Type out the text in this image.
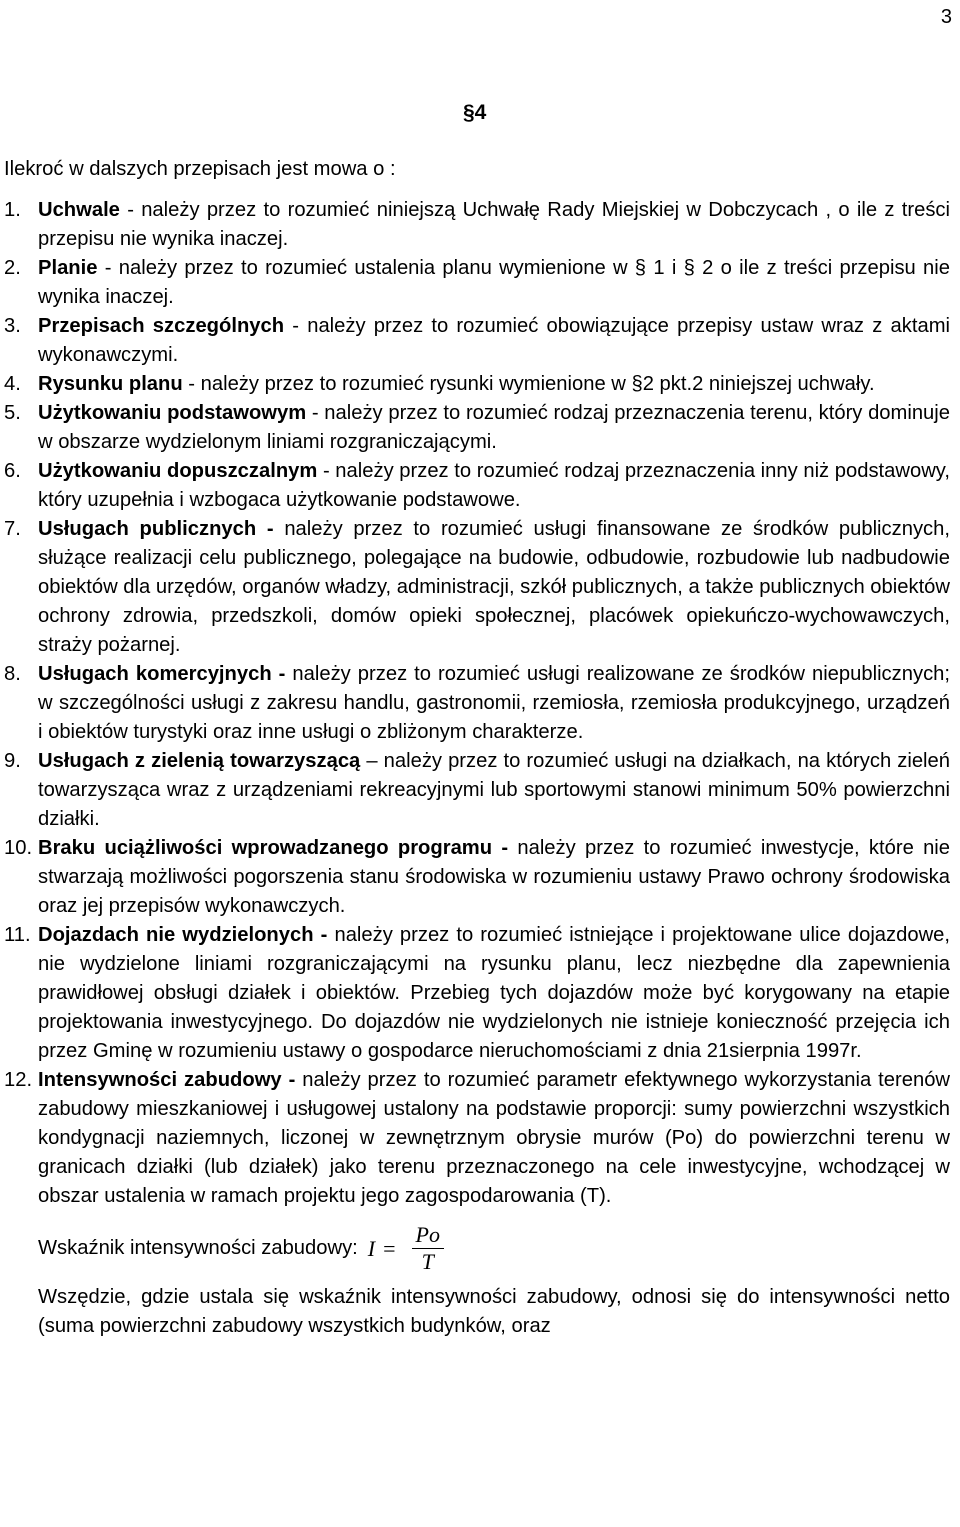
3
§4
Ilekroć w dalszych przepisach jest mowa o :
1. Uchwale - należy przez to rozumieć niniejszą Uchwałę Rady Miejskiej w Dobczycach , o ile z treści przepisu nie wynika inaczej.
2. Planie - należy przez to rozumieć ustalenia planu wymienione w § 1 i § 2 o ile z treści przepisu nie wynika inaczej.
3. Przepisach szczególnych - należy przez to rozumieć obowiązujące przepisy ustaw wraz z aktami wykonawczymi.
4. Rysunku planu - należy przez to rozumieć rysunki wymienione w §2 pkt.2 niniejszej uchwały.
5. Użytkowaniu podstawowym - należy przez to rozumieć rodzaj przeznaczenia terenu, który dominuje w obszarze wydzielonym liniami rozgraniczającymi.
6. Użytkowaniu dopuszczalnym - należy przez to rozumieć rodzaj przeznaczenia inny niż podstawowy, który uzupełnia i wzbogaca użytkowanie podstawowe.
7. Usługach publicznych - należy przez to rozumieć usługi finansowane ze środków publicznych, służące realizacji celu publicznego, polegające na budowie, odbudowie, rozbudowie lub nadbudowie obiektów dla urzędów, organów władzy, administracji, szkół publicznych, a także publicznych obiektów ochrony zdrowia, przedszkoli, domów opieki społecznej, placówek opiekuńczo-wychowawczych, straży pożarnej.
8. Usługach komercyjnych - należy przez to rozumieć usługi realizowane ze środków niepublicznych; w szczególności usługi z zakresu handlu, gastronomii, rzemiosła, rzemiosła produkcyjnego, urządzeń i obiektów turystyki oraz inne usługi o zbliżonym charakterze.
9. Usługach z zielenią towarzyszącą – należy przez to rozumieć usługi na działkach, na których zieleń towarzysząca wraz z urządzeniami rekreacyjnymi lub sportowymi stanowi minimum 50% powierzchni działki.
10. Braku uciążliwości wprowadzanego programu - należy przez to rozumieć inwestycje, które nie stwarzają możliwości pogorszenia stanu środowiska w rozumieniu ustawy Prawo ochrony środowiska oraz jej przepisów wykonawczych.
11. Dojazdach nie wydzielonych - należy przez to rozumieć istniejące i projektowane ulice dojazdowe, nie wydzielone liniami rozgraniczającymi na rysunku planu, lecz niezbędne dla zapewnienia prawidłowej obsługi działek i obiektów. Przebieg tych dojazdów może być korygowany na etapie projektowania inwestycyjnego. Do dojazdów nie wydzielonych nie istnieje konieczność przejęcia ich przez Gminę w rozumieniu ustawy o gospodarce nieruchomościami z dnia 21sierpnia 1997r.
12. Intensywności zabudowy - należy przez to rozumieć parametr efektywnego wykorzystania terenów zabudowy mieszkaniowej i usługowej ustalony na podstawie proporcji: sumy powierzchni wszystkich kondygnacji naziemnych, liczonej w zewnętrznym obrysie murów (Po) do powierzchni terenu w granicach działki (lub działek) jako terenu przeznaczonego na cele inwestycyjne, wchodzącej w obszar ustalenia w ramach projektu jego zagospodarowania (T).
Wskaźnik intensywności zabudowy: $I = \frac{Po}{T}$
Wszędzie, gdzie ustala się wskaźnik intensywności zabudowy, odnosi się do intensywności netto (suma powierzchni zabudowy wszystkich budynków, oraz
